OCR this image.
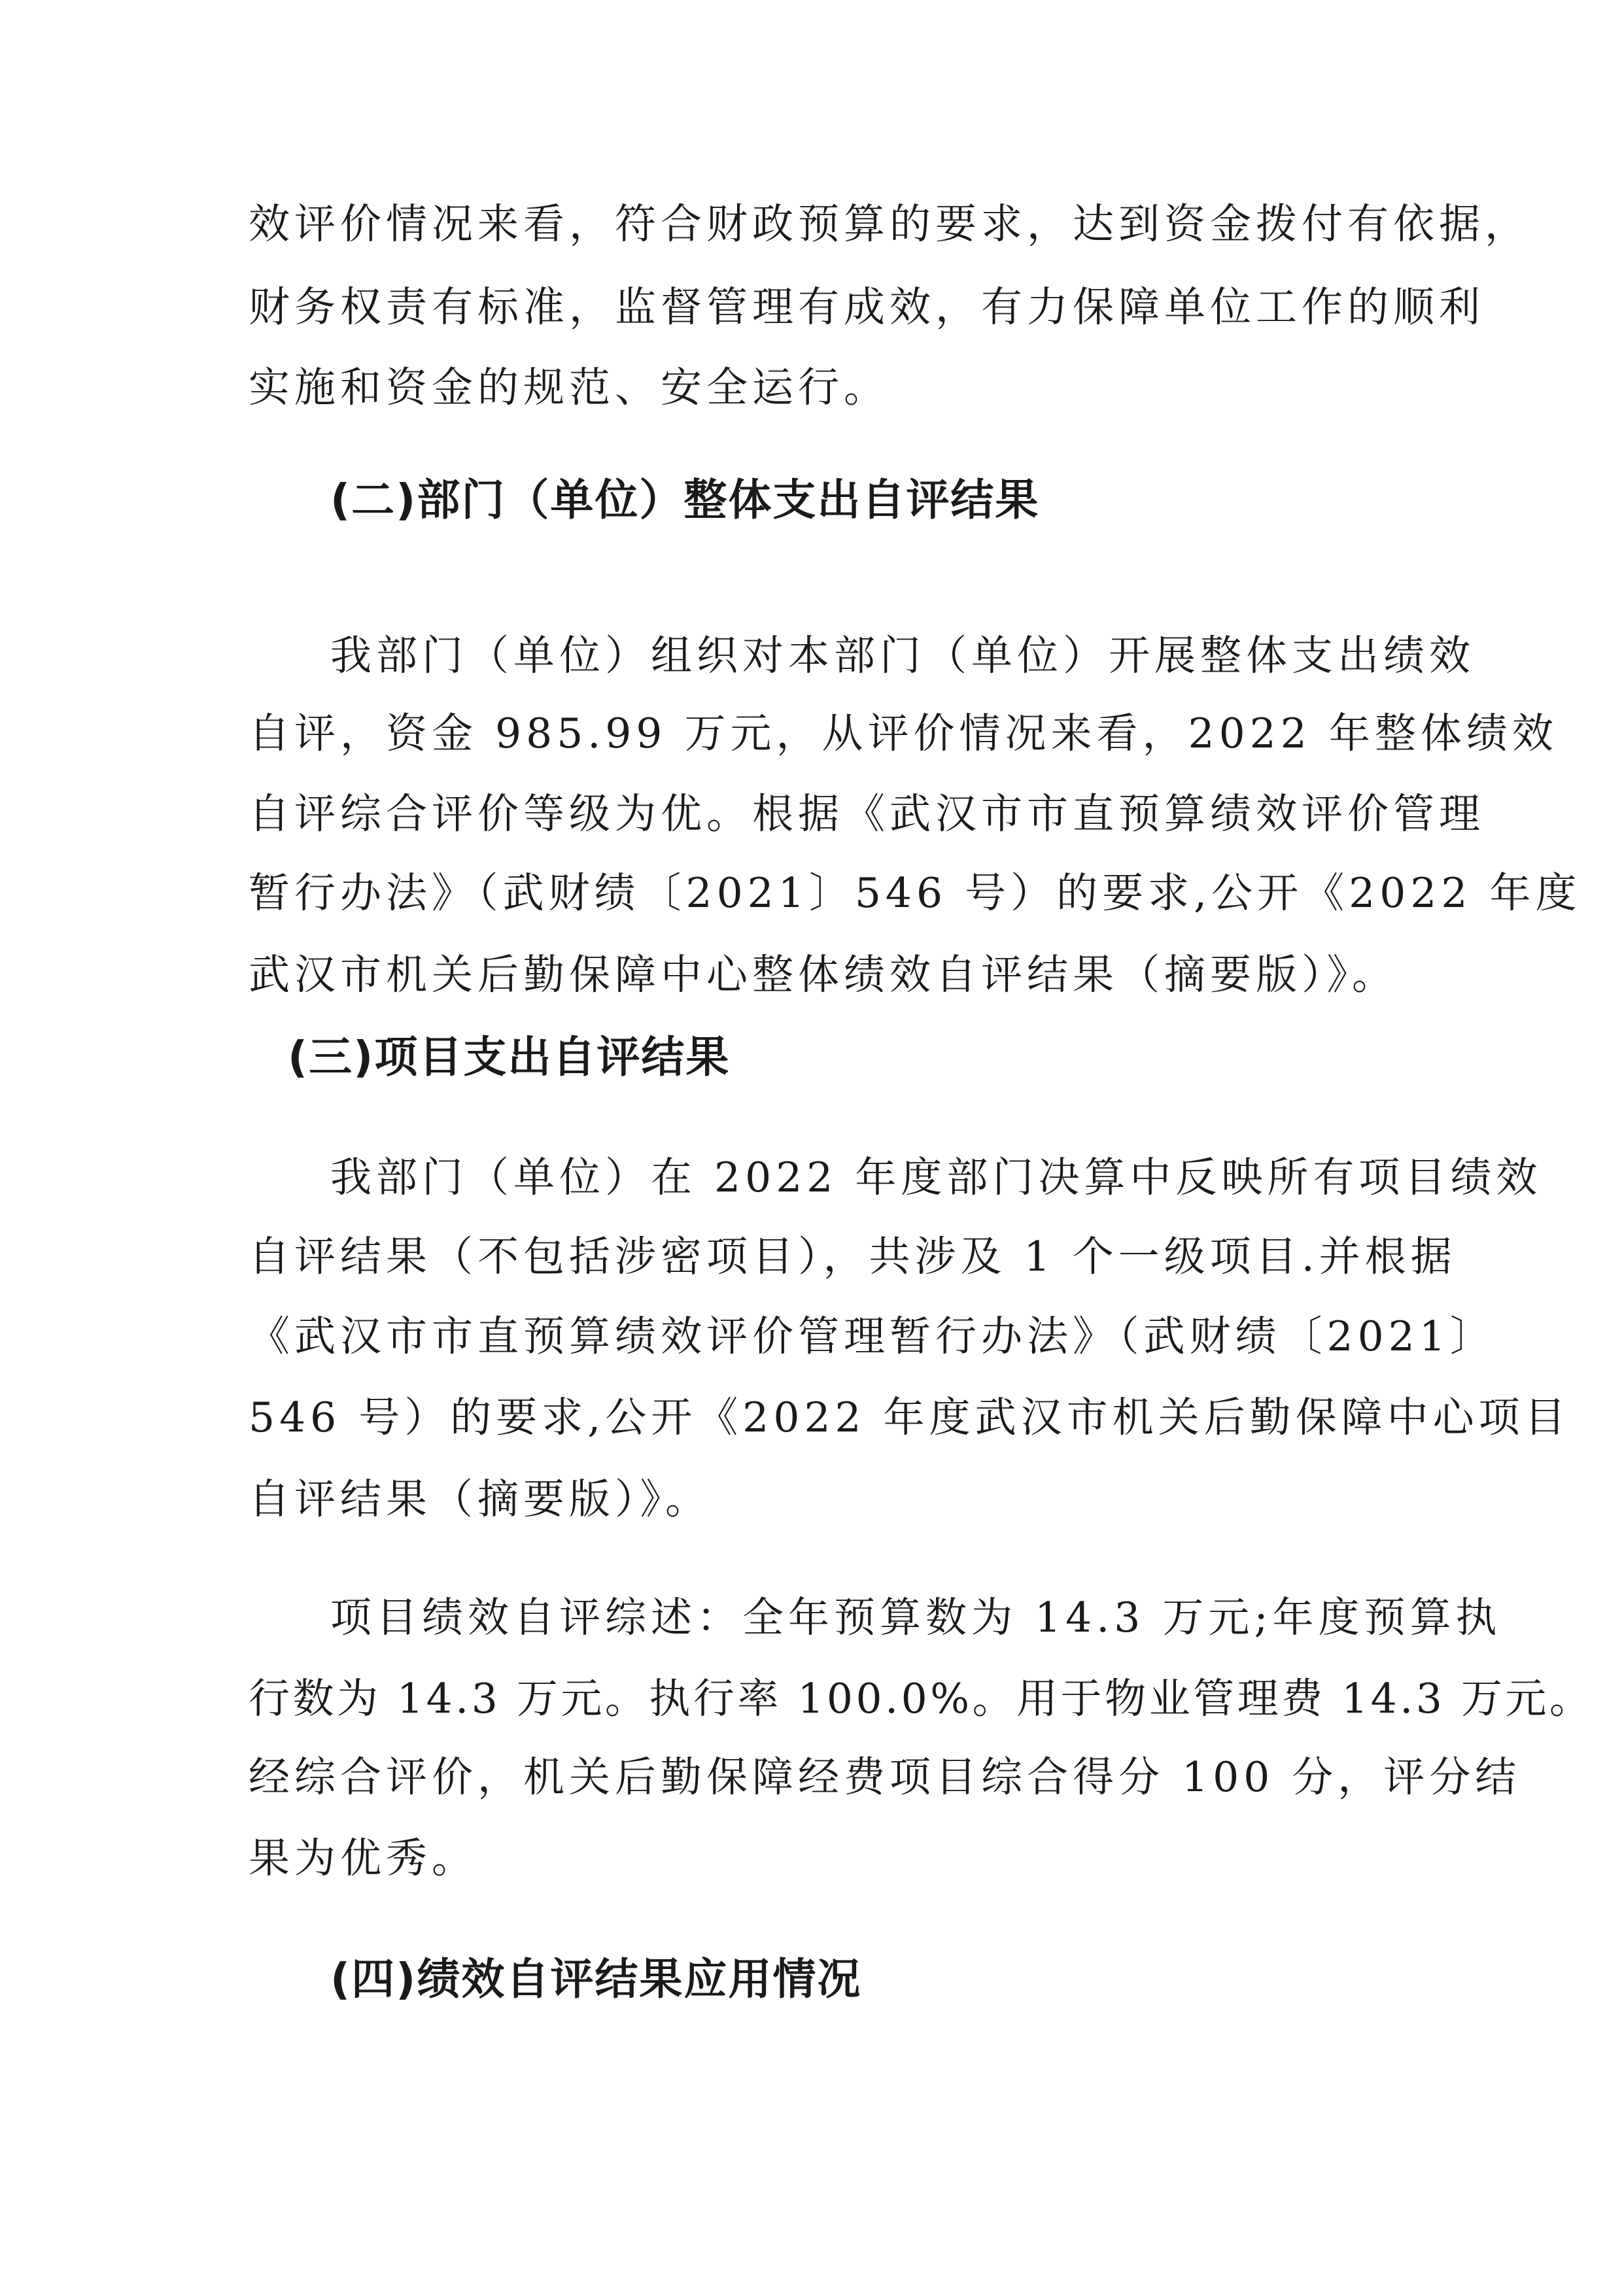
效评价情况来看，符合财政预算的要求，达到资金拨付有依据，
财务权责有标准，监督管理有成效，有力保障单位工作的顺利
实施和资金的规范、安全运行。
(二)部门（单位）整体支出自评结果
我部门（单位）组织对本部门（单位）开展整体支出绩效
自评，资金 985.99 万元，从评价情况来看，2022 年整体绩效
自评综合评价等级为优。根据《武汉市市直预算绩效评价管理
暂行办法》（武财绩〔2021〕546 号）的要求,公开《2022 年度
武汉市机关后勤保障中心整体绩效自评结果（摘要版）》。
(三)项目支出自评结果
我部门（单位）在 2022 年度部门决算中反映所有项目绩效
自评结果（不包括涉密项目），共涉及 1 个一级项目.并根据
《武汉市市直预算绩效评价管理暂行办法》（武财绩〔2021〕
546 号）的要求,公开《2022 年度武汉市机关后勤保障中心项目
自评结果（摘要版）》。
项目绩效自评综述：全年预算数为 14.3 万元;年度预算执
行数为 14.3 万元。执行率 100.0%。用于物业管理费 14.3 万元。
经综合评价，机关后勤保障经费项目综合得分 100 分，评分结
果为优秀。
(四)绩效自评结果应用情况
